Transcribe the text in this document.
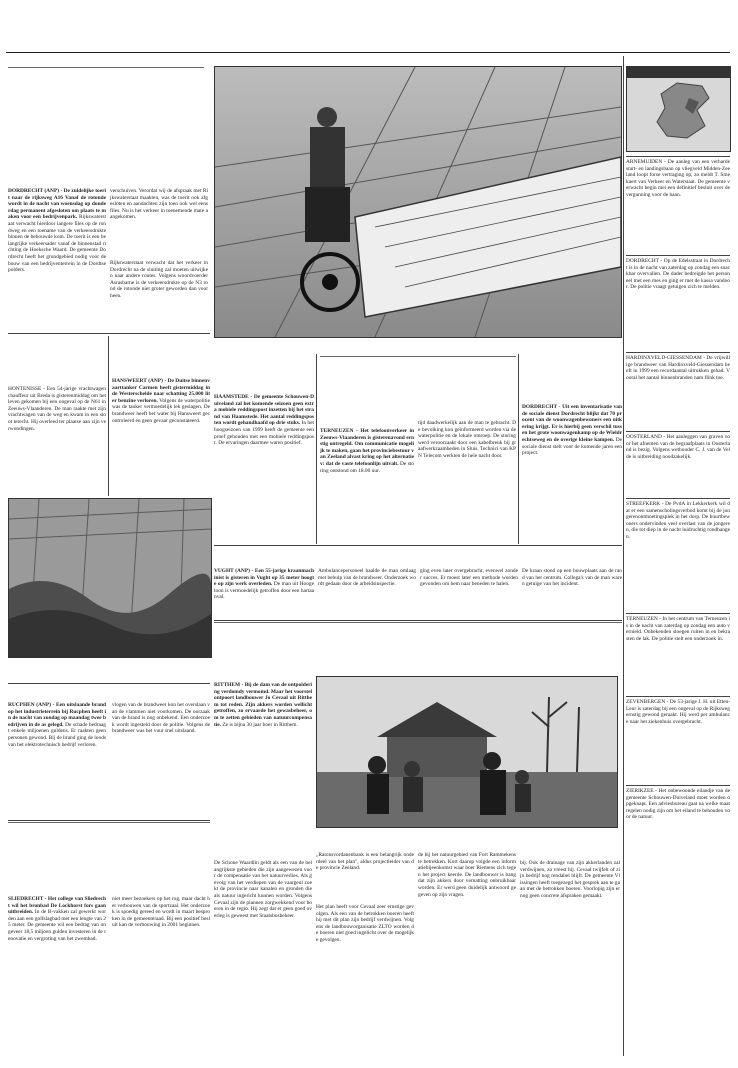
DORDRECHT (ANP) - De zuidelijke toerit naar de rijksweg A16 Vanaf de rotonde wordt in de nacht van woensdag op donderdag permanent afgesloten om plaats te maken voor een bedrijvenpark. Rijkswaterstaat verwacht hierdoor langere files op de rondweg en een toename van de verkeersdrukte binnen de bebouwde kom. De toerit is een belangrijke verkeersader vanaf de binnenstad richting de Hoeksche Waard. De gemeente Dordrecht heeft het grondgebied nodig voor de bouw van een bedrijventerrein in de Dordtse polders.
verschuiven. Verordat wij de afspraak met Rijkswaterstaat maakten, was de toerit ook afgesloten en aandachten zijn toen ook wel eens files. Nu is het verkeer in toenemende mate aangekomen.
Rijkswaterstaat verwacht dat het verkeer in Dordrecht na de sluiting zal moeten uitwijken naar andere routes. Volgens woordvoerder Asrasbarne is de verkeersdrukte op de N3 rond de rotonde niet groter geworden dan voorheen.
ARNEMUIDEN - De aanleg van een verharde start- en landingsbaan op vliegveld Midden-Zeeland loopt forse vertraging op, zo meldt T. Smekaert van Verkeer en Waterstaat. De gemeente verwacht begin mei een definitief besluit over de vergunning voor de baan.
DORDRECHT - Op de Edelsstraat in Dordrecht is in de nacht van zaterdag op zondag een snackbar overvallen. De dader bedreigde het personeel met een mes en ging er met de kassa vandoor. De politie vraagt getuigen zich te melden.
HARDINXVELD-GIESSENDAM - De vrijwillige brandweer van Hardinxveld-Giessendam heeft in 1999 een recordaantal uitrukken gehad. Vooral het aantal binnenbranden nam flink toe.
OOSTERLAND - Het aanleggen van graven voor het afnemen van de begraafplaats in Oosterland is bezig. Volgens wethouder C. J. van de Velde is uitbreiding noodzakelijk.
STREEFKERK - De PvdA in Lekkerkerk wil dat er een samenscholingsverbod komt bij de jongerenontmoetingsplek in het dorp. De buurtbewoners ondervinden veel overlast van de jongeren, die tot diep in de nacht luidruchtig rondhangen.
TERNEUZEN - In het centrum van Terneuzen is in de nacht van zaterdag op zondag een auto vernield. Onbekenden sloegen ruiten in en bekrasten de lak. De politie stelt een onderzoek in.
ZEVENBERGEN - De 53-jarige J. H. uit Etten-Leur is zaterdag bij een ongeval op de Rijksweg ernstig gewond geraakt. Hij werd per ambulance naar het ziekenhuis overgebracht.
ZIERIKZEE - Het onbewoonde eilandje van de gemeente Schouwen-Duiveland moet worden opgeknapt. Een adviesbureau gaat na welke maatregelen nodig zijn om het eiland te behouden voor de natuur.
HONTENISSE - Een 54-jarige vrachtwagenchauffeur uit Breda is gisterenmiddag om het leven gekomen bij een ongeval op de N61 in Zeeuws-Vlaanderen. De man raakte met zijn vrachtwagen van de weg en kwam in een sloot terecht. Hij overleed ter plaatse aan zijn verwondingen.
HANSWEERT (ANP) - De Duitse binnenvaarttanker Carmen heeft gistermiddag in de Westerschelde naar schatting 25.000 liter benzine verloren. Volgens de waterpolitie was de tanker vermoedelijk lek geslagen. De brandweer heeft het water bij Hansweert gecontroleerd en geen gevaar geconstateerd.
RUCPHEN (ANP) - Een uitslaande brand op het industrieterrein bij Rucphen heeft in de nacht van zondag op maandag twee bedrijven in de as gelegd. De schade bedraagt enkele miljoenen guldens. Er raakten geen personen gewond. Bij de brand ging de loods van het elektrotechnisch bedrijf verloren.
vlogen van de brandweer kon het overslaan van de vlammen niet voorkomen. De oorzaak van de brand is nog onbekend. Een onderzoek wordt ingesteld door de politie. Volgens de brandweer was het vuur snel uitslaand.
HAAMSTEDE - De gemeente Schouwen-Duiveland zal het komende seizoen geen extra mobiele reddingspost inzetten bij het strand van Haamstede. Het aantal reddingsposten wordt gehandhaafd op drie stuks. In het hoogseizoen van 1999 heeft de gemeente een proef gehouden met een mobiele reddingspost. De ervaringen daarmee waren positief.
TERNEUZEN - Het telefoonverkeer in Zeeuws-Vlaanderen is gisterenavond ernstig ontregeld. Om communicatie mogelijk te maken, gaan het provinciebestuur van Zeeland alvast kring op het alternatiev: dat de vaste telefoonlijn uitvalt. De storing ontstond om 18.00 uur.
tijd daadwerkelijk aan de man te gebracht. De bevolking kon geïnformeerd worden via de waterpolitie en de lokale omroep. De storing werd veroorzaakt door een kabelbreuk bij graafwerkzaamheden in Sluis. Technici van KPN Telecom werkten de hele nacht door.
DORDRECHT - Uit een inventarisatie van de sociale dienst Dordrecht blijkt dat 70 procent van de woonwagenbewoners een uitkering krijgt. Er is hierbij geen verschil tussen het grote woonwagenkamp op de Wieldrechtseweg en de overige kleine kampen. De sociale dienst stelt voor de komende jaren een project.
VUGHT (ANP) - Een 55-jarige kraanmachinist is gisteren in Vught op 35 meter hoogte op zijn werk overleden. De man uit Hoogeloon is vermoedelijk getroffen door een hartaanval.
Ambulancepersoneel haalde de man omlaag met behulp van de brandweer. Onderzoek wordt gedaan door de arbeidsinspectie.
ging even later overgebracht, evenwel zonder succes. Er moest later een methode worden gevonden om hem naar beneden te halen.
De kraan stond op een bouwplaats aan de rand van het centrum. Collega's van de man waren getuige van het incident.
RITTHEM - Bij de dam van de ontpoldering verdomdy vermomd. Maar het voorstel ontpoort landbouwer Jo Cevaal uit Ritthem tot reden. Zijn akkers worden wellicht getroffen, zo ervaarde het gewasbeheer, om te zetten gebieden van natuurcompensatie. Ze is bijna 30 jaar boer in Ritthem.
De Schone Waardlin geldt als een van de belangrijkste gebieden die zijn aangewezen voor de compensatie van het natuurverlies. Als gevolg van het verdiepen van de vaargeul zoekt de provincie naar kanalen en gronden die als natuur ingericht kunnen worden. Volgens Cevaal zijn de plannen zorgwekkend voor boeren in de regio. Hij zegt dat er geen goed overleg is geweest met Staatsbosbeheer.
„Ratonsvordanenbank is een belangrijk onderdeel van het plan", aldus projectleider van de provincie Zeeland.
Het plan heeft voor Cevaal zeer ernstige gevolgen. Als een van de betrokken boeren heeft hij met dit plan zijn bedrijf verdwijnen. Volgens de landbouworganisatie ZLTO worden de boeren niet goed ingelicht over de mogelijke gevolgen.
de bij het natuurgebied van Fort Rammekens te betrekken. Kort daarop volgde een informatiebijeenkomst waar boer Riemens zich tegen het project keerde. De landbouwer is bang dat zijn akkers door vernatting onbruikbaar worden. Er werd geen duidelijk antwoord gegeven op zijn vragen.
bij. Ook de drainage van zijn akkerlanden zal verdwijnen, zo vreest hij. Cevaal twijfelt of zijn bedrijf nog rendabel blijft. De gemeente Vlissingen heeft toegezegd het gesprek aan te gaan met de betrokken boeren. Voorlopig zijn er nog geen concrete afspraken gemaakt.
SLIEDRECHT - Het college van Sliedrecht wil het bronbad De Lockhorst fors gaan uitbreiden. In de B-vakken zal gewerkt worden aan een golfslagbad met een lengte van 25 meter. De gemeente wil een bedrag van ongeveer 18,5 miljoen gulden investeren in de renovatie en vergroting van het zwembad.
niet meer bezoekers op het rog, maar dacht het verbouwen van de sportzaal. Het onderzoek is spoedig gereed en wordt in maart besproken in de gemeenteraad. Bij een positief besluit kan de verbouwing in 2001 beginnen.
